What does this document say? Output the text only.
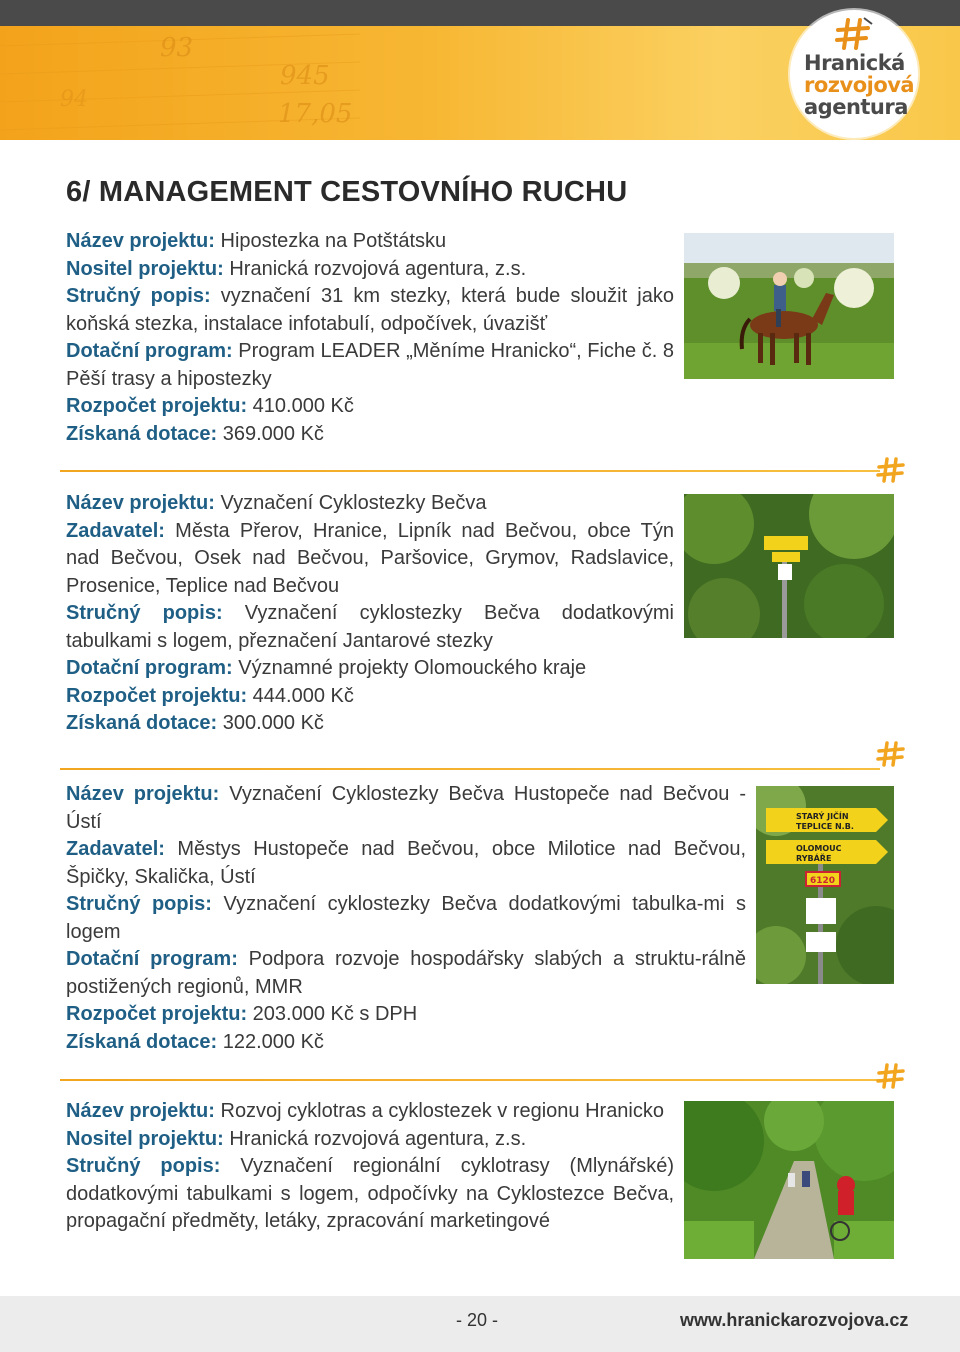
93
945
17,05
94
Hranická
rozvojová
agentura
6/ MANAGEMENT CESTOVNÍHO RUCHU

Název projektu: Hipostezka na Potštátsku

Nositel projektu: Hranická rozvojová agentura, z.s.

Stručný popis: vyznačení 31 km stezky, která bude sloužit jako koňská stezka, instalace infotabulí, odpočívek, úvazišť

Dotační program: Program LEADER „Měníme Hranicko“, Fiche č. 8 Pěší trasy a hipostezky

Rozpočet projektu: 410.000 Kč

Získaná dotace: 369.000 Kč

Název projektu: Vyznačení Cyklostezky Bečva

Zadavatel: Města Přerov, Hranice, Lipník nad Bečvou, obce Týn nad Bečvou, Osek nad Bečvou, Paršovice, Grymov, Radslavice, Prosenice, Teplice nad Bečvou

Stručný popis: Vyznačení cyklostezky Bečva dodatkovými tabulkami s logem, přeznačení Jantarové stezky

Dotační program: Významné projekty Olomouckého kraje

Rozpočet projektu: 444.000 Kč

Získaná dotace: 300.000 Kč

Název projektu: Vyznačení Cyklostezky Bečva Hustopeče nad Bečvou - Ústí

Zadavatel: Městys Hustopeče nad Bečvou, obce Milotice nad Bečvou, Špičky, Skalička, Ústí

Stručný popis: Vyznačení cyklostezky Bečva dodatkovými tabulka-mi s logem

Dotační program: Podpora rozvoje hospodářsky slabých a struktu-rálně postižených regionů, MMR

Rozpočet projektu: 203.000 Kč s DPH

Získaná dotace: 122.000 Kč

STARÝ JIČÍN
TEPLICE N.B.
OLOMOUC
RYBÁŘE
6120

Název projektu: Rozvoj cyklotras a cyklostezek v regionu Hranicko

Nositel projektu: Hranická rozvojová agentura, z.s.

Stručný popis: Vyznačení regionální cyklotrasy (Mlynářské) dodatkovými tabulkami s logem, odpočívky na Cyklostezce Bečva, propagační předměty, letáky, zpracování marketingové

- 20 -	www.hranickarozvojova.cz
